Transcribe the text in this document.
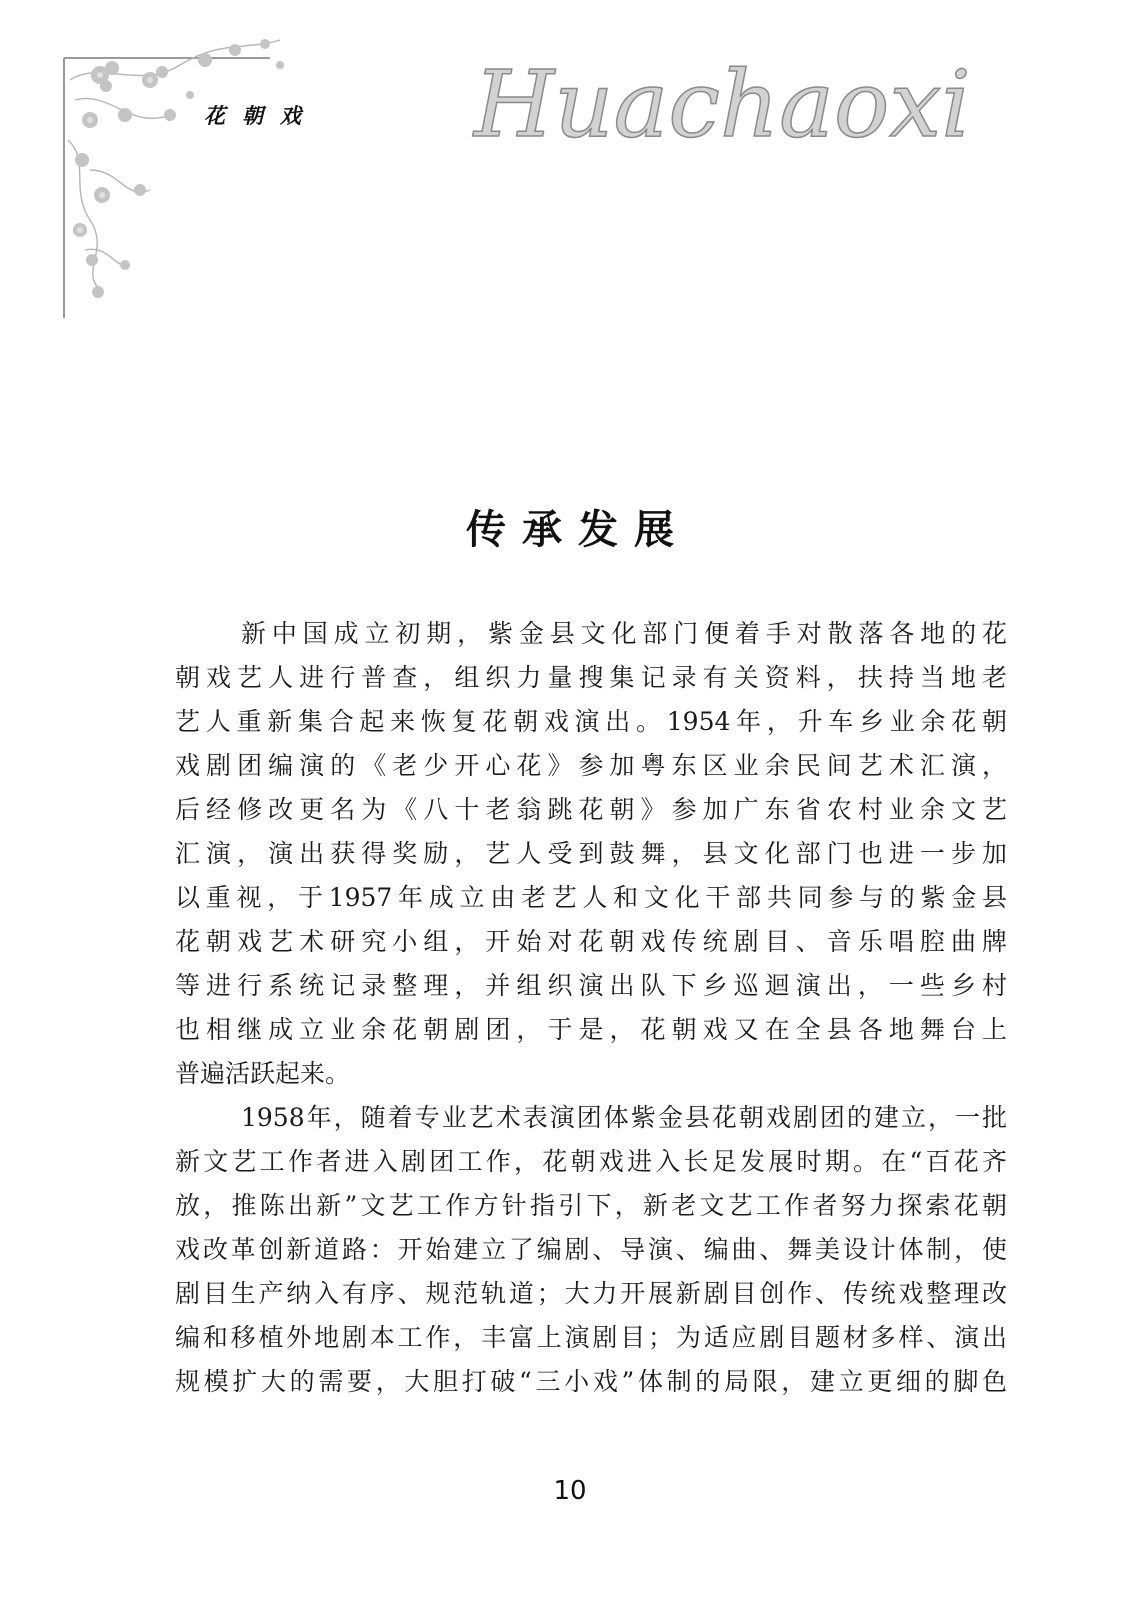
花朝戏 Huachaoxi
传承发展
新中国成立初期，紫金县文化部门便着手对散落各地的花
朝戏艺人进行普查，组织力量搜集记录有关资料，扶持当地老
艺人重新集合起来恢复花朝戏演出。1954年，升车乡业余花朝
戏剧团编演的《老少开心花》参加粤东区业余民间艺术汇演，
后经修改更名为《八十老翁跳花朝》参加广东省农村业余文艺
汇演，演出获得奖励，艺人受到鼓舞，县文化部门也进一步加
以重视，于1957年成立由老艺人和文化干部共同参与的紫金县
花朝戏艺术研究小组，开始对花朝戏传统剧目、音乐唱腔曲牌
等进行系统记录整理，并组织演出队下乡巡迴演出，一些乡村
也相继成立业余花朝剧团，于是，花朝戏又在全县各地舞台上
普遍活跃起来。
1958年，随着专业艺术表演团体紫金县花朝戏剧团的建立，一批
新文艺工作者进入剧团工作，花朝戏进入长足发展时期。在“百花齐
放，推陈出新”文艺工作方针指引下，新老文艺工作者努力探索花朝
戏改革创新道路：开始建立了编剧、导演、编曲、舞美设计体制，使
剧目生产纳入有序、规范轨道；大力开展新剧目创作、传统戏整理改
编和移植外地剧本工作，丰富上演剧目；为适应剧目题材多样、演出
规模扩大的需要，大胆打破“三小戏”体制的局限，建立更细的脚色
10
